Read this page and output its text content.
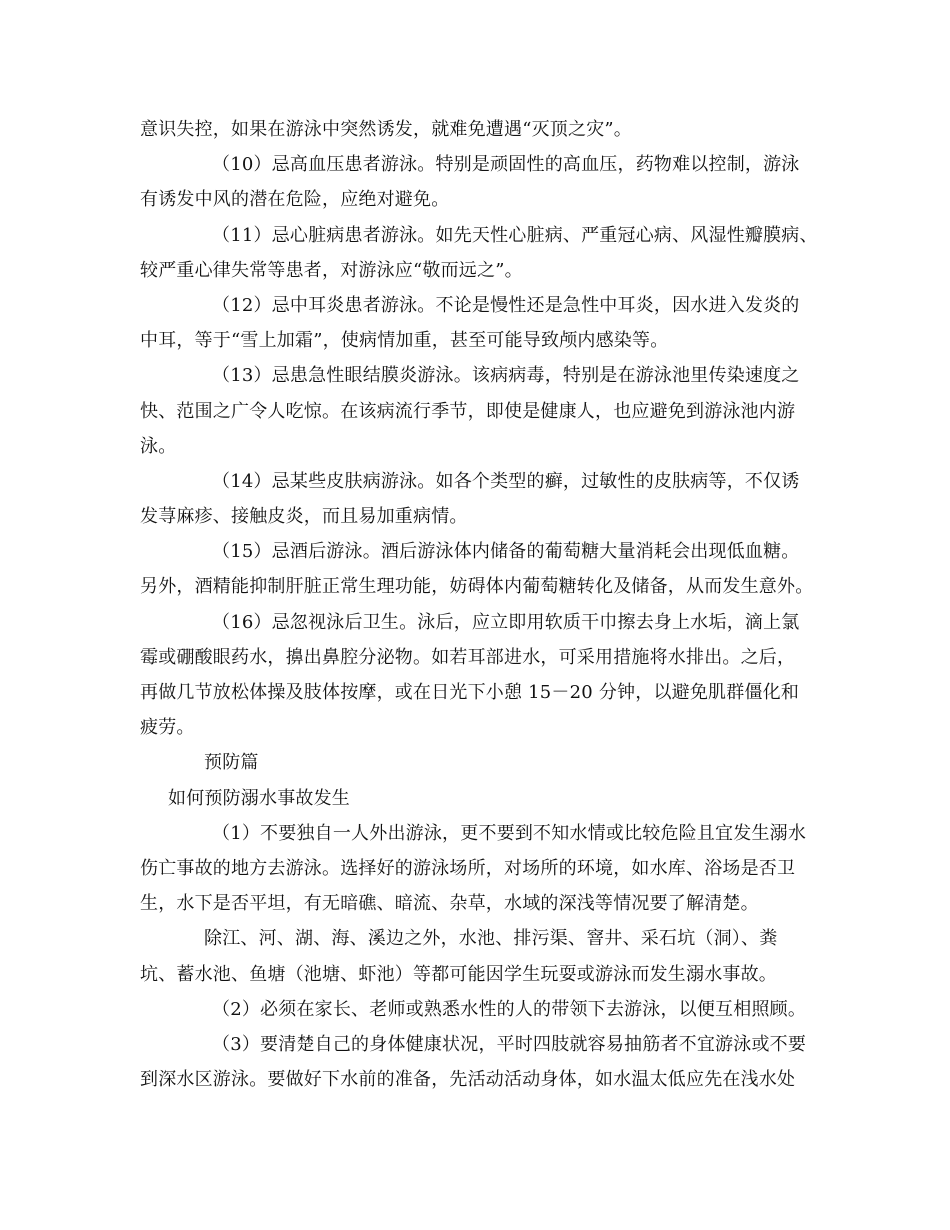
意识失控，如果在游泳中突然诱发，就难免遭遇“灭顶之灾”。
（10）忌高血压患者游泳。特别是顽固性的高血压，药物难以控制，游泳
有诱发中风的潜在危险，应绝对避免。
（11）忌心脏病患者游泳。如先天性心脏病、严重冠心病、风湿性瓣膜病、
较严重心律失常等患者，对游泳应“敬而远之”。
（12）忌中耳炎患者游泳。不论是慢性还是急性中耳炎，因水进入发炎的
中耳，等于“雪上加霜”，使病情加重，甚至可能导致颅内感染等。
（13）忌患急性眼结膜炎游泳。该病病毒，特别是在游泳池里传染速度之
快、范围之广令人吃惊。在该病流行季节，即使是健康人，也应避免到游泳池内游
泳。
（14）忌某些皮肤病游泳。如各个类型的癣，过敏性的皮肤病等，不仅诱
发荨麻疹、接触皮炎，而且易加重病情。
（15）忌酒后游泳。酒后游泳体内储备的葡萄糖大量消耗会出现低血糖。
另外，酒精能抑制肝脏正常生理功能，妨碍体内葡萄糖转化及储备，从而发生意外。
（16）忌忽视泳后卫生。泳后，应立即用软质干巾擦去身上水垢，滴上氯
霉或硼酸眼药水，擤出鼻腔分泌物。如若耳部进水，可采用措施将水排出。之后，
再做几节放松体操及肢体按摩，或在日光下小憩 15－20 分钟，以避免肌群僵化和
疲劳。
预防篇
如何预防溺水事故发生
（1）不要独自一人外出游泳，更不要到不知水情或比较危险且宜发生溺水
伤亡事故的地方去游泳。选择好的游泳场所，对场所的环境，如水库、浴场是否卫
生，水下是否平坦，有无暗礁、暗流、杂草，水域的深浅等情况要了解清楚。
除江、河、湖、海、溪边之外，水池、排污渠、窨井、采石坑（洞）、粪
坑、蓄水池、鱼塘（池塘、虾池）等都可能因学生玩耍或游泳而发生溺水事故。
（2）必须在家长、老师或熟悉水性的人的带领下去游泳，以便互相照顾。
（3）要清楚自己的身体健康状况，平时四肢就容易抽筋者不宜游泳或不要
到深水区游泳。要做好下水前的准备，先活动活动身体，如水温太低应先在浅水处
